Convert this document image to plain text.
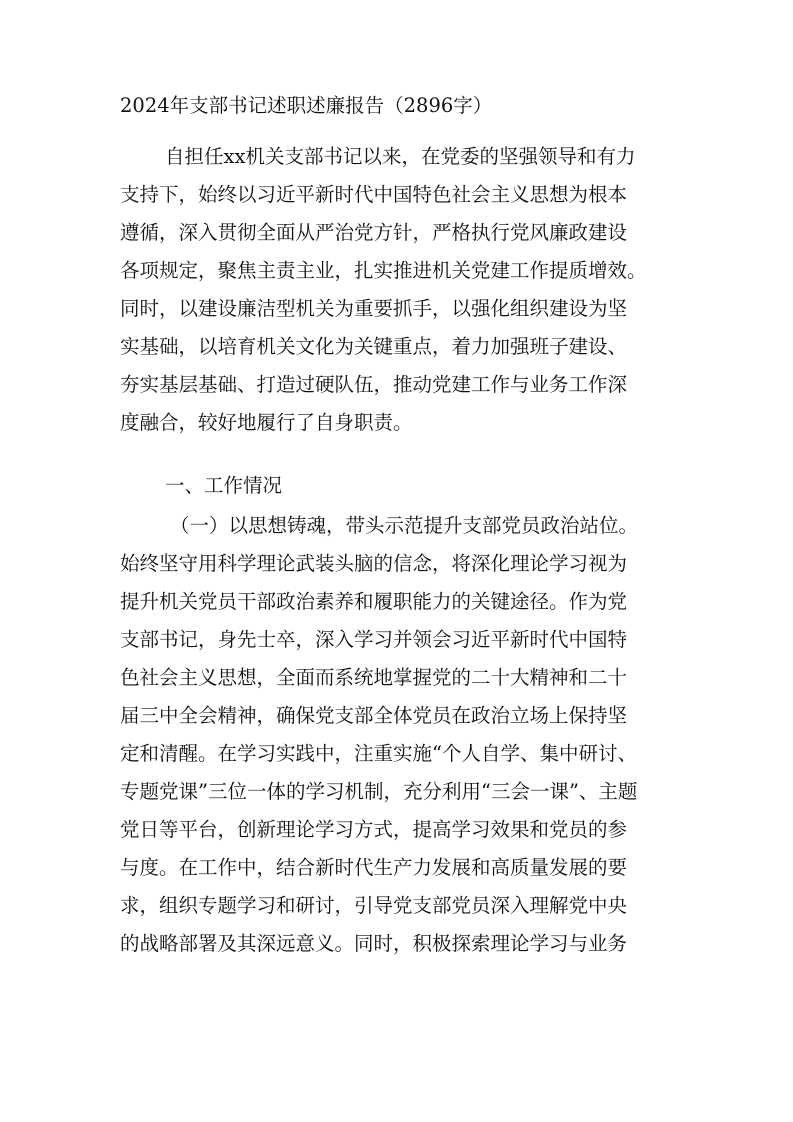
2024年支部书记述职述廉报告（2896字）
自担任xx机关支部书记以来，在党委的坚强领导和有力
支持下，始终以习近平新时代中国特色社会主义思想为根本
遵循，深入贯彻全面从严治党方针，严格执行党风廉政建设
各项规定，聚焦主责主业，扎实推进机关党建工作提质增效。
同时，以建设廉洁型机关为重要抓手，以强化组织建设为坚
实基础，以培育机关文化为关键重点，着力加强班子建设、
夯实基层基础、打造过硬队伍，推动党建工作与业务工作深
度融合，较好地履行了自身职责。
一、工作情况
（一）以思想铸魂，带头示范提升支部党员政治站位。
始终坚守用科学理论武装头脑的信念，将深化理论学习视为
提升机关党员干部政治素养和履职能力的关键途径。作为党
支部书记，身先士卒，深入学习并领会习近平新时代中国特
色社会主义思想，全面而系统地掌握党的二十大精神和二十
届三中全会精神，确保党支部全体党员在政治立场上保持坚
定和清醒。在学习实践中，注重实施“个人自学、集中研讨、
专题党课”三位一体的学习机制，充分利用“三会一课”、主题
党日等平台，创新理论学习方式，提高学习效果和党员的参
与度。在工作中，结合新时代生产力发展和高质量发展的要
求，组织专题学习和研讨，引导党支部党员深入理解党中央
的战略部署及其深远意义。同时，积极探索理论学习与业务
